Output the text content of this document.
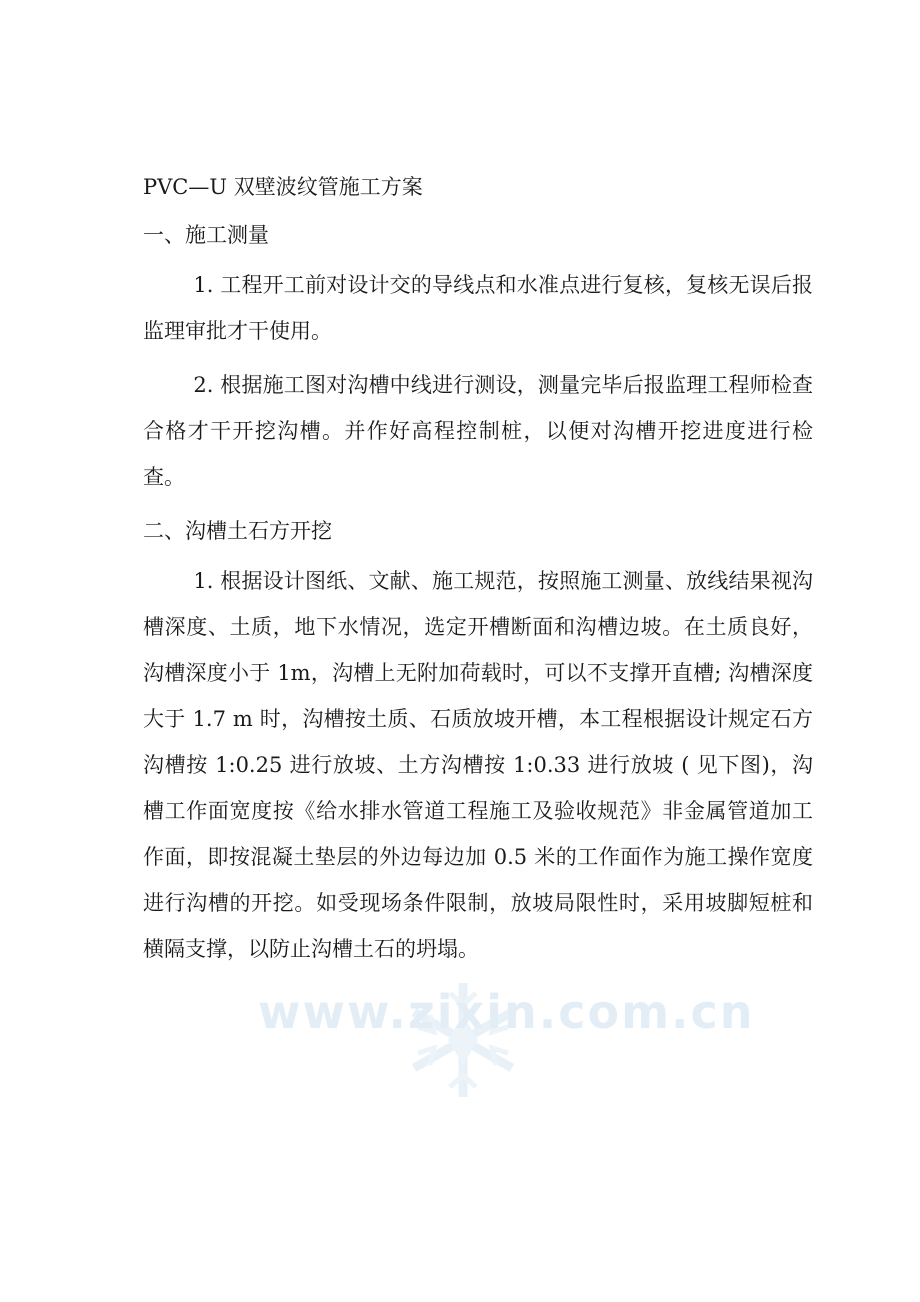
www.zixin.com.cn

PVC—U 双壁波纹管施工方案

一、施工测量

1. 工程开工前对设计交的导线点和水准点进行复核，复核无误后报监理审批才干使用。

2. 根据施工图对沟槽中线进行测设，测量完毕后报监理工程师检查合格才干开挖沟槽。并作好高程控制桩，以便对沟槽开挖进度进行检查。

二、沟槽土石方开挖

1. 根据设计图纸、文献、施工规范，按照施工测量、放线结果视沟槽深度、土质，地下水情况，选定开槽断面和沟槽边坡。在土质良好，沟槽深度小于 1m，沟槽上无附加荷载时，可以不支撑开直槽; 沟槽深度大于 1.7 m 时，沟槽按土质、石质放坡开槽，本工程根据设计规定石方沟槽按 1:0.25 进行放坡、土方沟槽按 1:0.33 进行放坡 ( 见下图)，沟槽工作面宽度按《给水排水管道工程施工及验收规范》非金属管道加工作面，即按混凝土垫层的外边每边加 0.5 米的工作面作为施工操作宽度进行沟槽的开挖。如受现场条件限制，放坡局限性时，采用坡脚短桩和横隔支撑，以防止沟槽土石的坍塌。
